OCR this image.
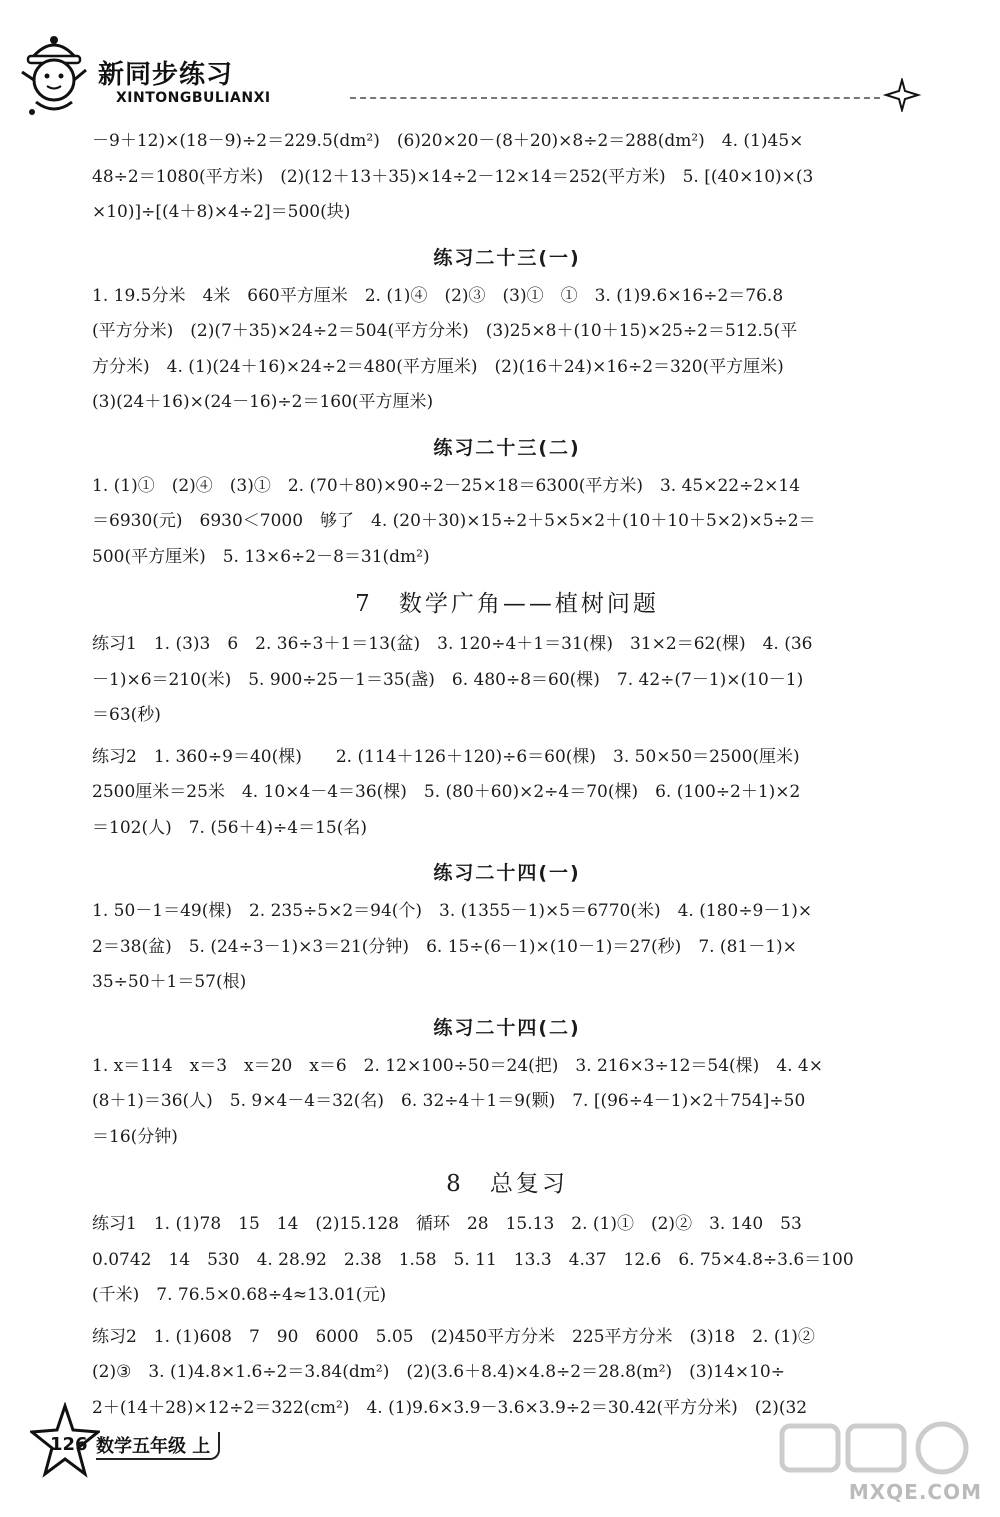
新同步练习
XINTONGBULIANXI

－9＋12)×(18－9)÷2＝229.5(dm²)　(6)20×20－(8＋20)×8÷2＝288(dm²)　4. (1)45×

48÷2＝1080(平方米)　(2)(12＋13＋35)×14÷2－12×14＝252(平方米)　5. [(40×10)×(3

×10)]÷[(4＋8)×4÷2]＝500(块)

练习二十三(一)

1. 19.5分米　4米　660平方厘米　2. (1)④　(2)③　(3)①　①　3. (1)9.6×16÷2＝76.8

(平方分米)　(2)(7＋35)×24÷2＝504(平方分米)　(3)25×8＋(10＋15)×25÷2＝512.5(平

方分米)　4. (1)(24＋16)×24÷2＝480(平方厘米)　(2)(16＋24)×16÷2＝320(平方厘米)

(3)(24＋16)×(24－16)÷2＝160(平方厘米)

练习二十三(二)

1. (1)①　(2)④　(3)①　2. (70＋80)×90÷2－25×18＝6300(平方米)　3. 45×22÷2×14

＝6930(元)　6930＜7000　够了　4. (20＋30)×15÷2＋5×5×2＋(10＋10＋5×2)×5÷2＝

500(平方厘米)　5. 13×6÷2－8＝31(dm²)

7 数学广角——植树问题

练习1　1. (3)3　6　2. 36÷3＋1＝13(盆)　3. 120÷4＋1＝31(棵)　31×2＝62(棵)　4. (36

－1)×6＝210(米)　5. 900÷25－1＝35(盏)　6. 480÷8＝60(棵)　7. 42÷(7－1)×(10－1)

＝63(秒)

练习2　1. 360÷9＝40(棵)　　2. (114＋126＋120)÷6＝60(棵)　3. 50×50＝2500(厘米)

2500厘米＝25米　4. 10×4－4＝36(棵)　5. (80＋60)×2÷4＝70(棵)　6. (100÷2＋1)×2

＝102(人)　7. (56＋4)÷4＝15(名)

练习二十四(一)

1. 50－1＝49(棵)　2. 235÷5×2＝94(个)　3. (1355－1)×5＝6770(米)　4. (180÷9－1)×

2＝38(盆)　5. (24÷3－1)×3＝21(分钟)　6. 15÷(6－1)×(10－1)＝27(秒)　7. (81－1)×

35÷50＋1＝57(根)

练习二十四(二)

1. x＝114　x＝3　x＝20　x＝6　2. 12×100÷50＝24(把)　3. 216×3÷12＝54(棵)　4. 4×

(8＋1)＝36(人)　5. 9×4－4＝32(名)　6. 32÷4＋1＝9(颗)　7. [(96÷4－1)×2＋754]÷50

＝16(分钟)

8 总复习

练习1　1. (1)78　15　14　(2)15.128　循环　28　15.13　2. (1)①　(2)②　3. 140　53

0.0742　14　530　4. 28.92　2.38　1.58　5. 11　13.3　4.37　12.6　6. 75×4.8÷3.6＝100

(千米)　7. 76.5×0.68÷4≈13.01(元)

练习2　1. (1)608　7　90　6000　5.05　(2)450平方分米　225平方分米　(3)18　2. (1)②

(2)③　3. (1)4.8×1.6÷2＝3.84(dm²)　(2)(3.6＋8.4)×4.8÷2＝28.8(m²)　(3)14×10÷

2＋(14＋28)×12÷2＝322(cm²)　4. (1)9.6×3.9－3.6×3.9÷2＝30.42(平方分米)　(2)(32

126 数学五年级 上
MXQE.COM
